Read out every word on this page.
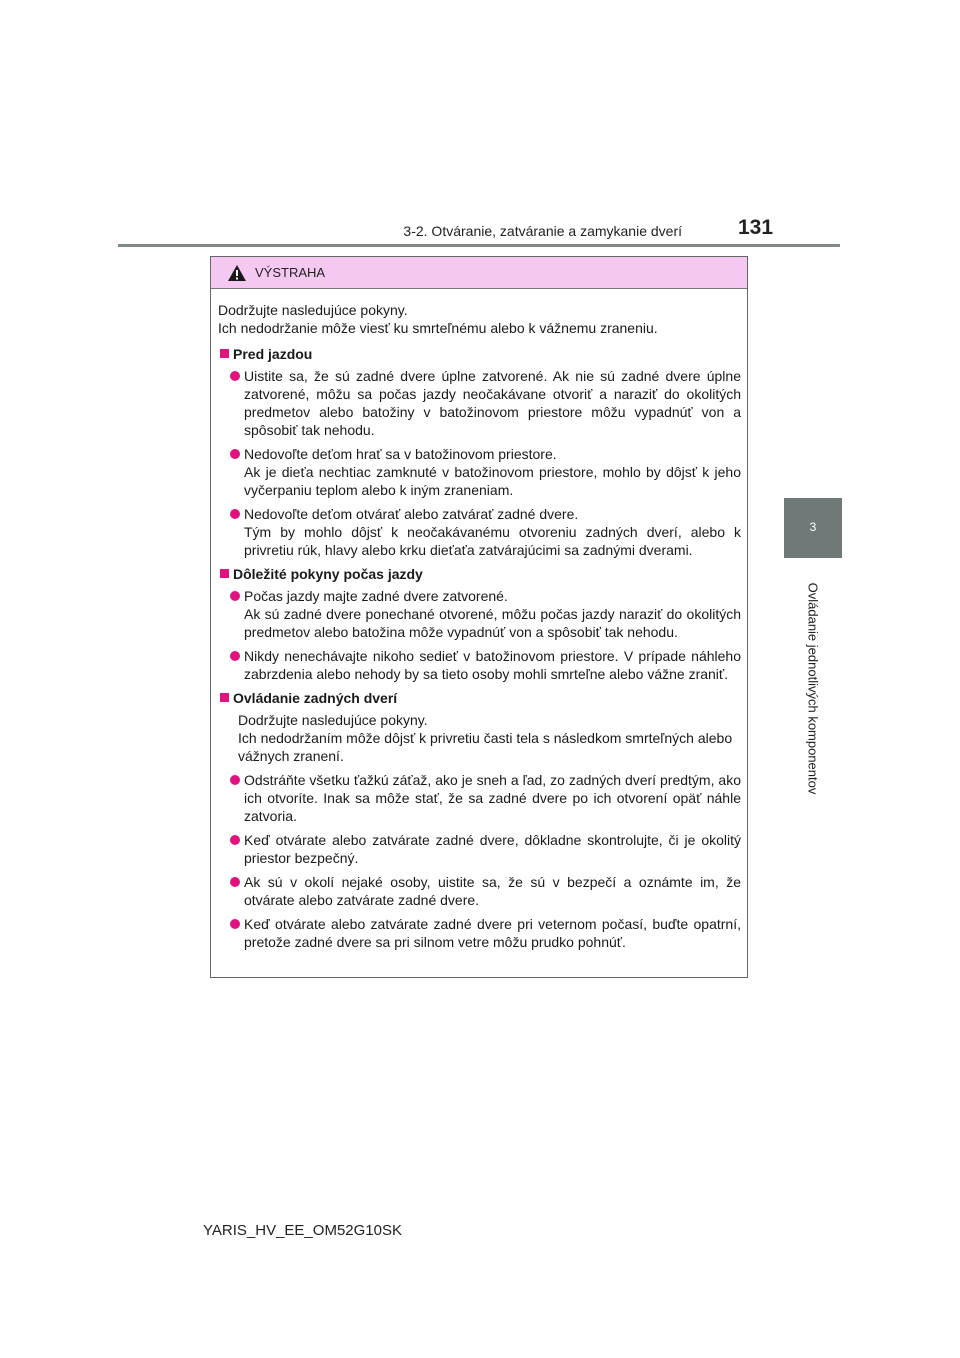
3-2. Otváranie, zatváranie a zamykanie dverí	131
3
Ovládanie jednotlivých komponentov
VÝSTRAHA
Dodržujte nasledujúce pokyny.
Ich nedodržanie môže viesť ku smrteľnému alebo k vážnemu zraneniu.
Pred jazdou
Uistite sa, že sú zadné dvere úplne zatvorené. Ak nie sú zadné dvere úplne zatvorené, môžu sa počas jazdy neočakávane otvoriť a naraziť do okolitých predmetov alebo batožiny v batožinovom priestore môžu vypadnúť von a spôsobiť tak nehodu.
Nedovoľte deťom hrať sa v batožinovom priestore.
Ak je dieťa nechtiac zamknuté v batožinovom priestore, mohlo by dôjsť k jeho vyčerpaniu teplom alebo k iným zraneniam.
Nedovoľte deťom otvárať alebo zatvárať zadné dvere.
Tým by mohlo dôjsť k neočakávanému otvoreniu zadných dverí, alebo k privretiu rúk, hlavy alebo krku dieťaťa zatvárajúcimi sa zadnými dverami.
Dôležité pokyny počas jazdy
Počas jazdy majte zadné dvere zatvorené.
Ak sú zadné dvere ponechané otvorené, môžu počas jazdy naraziť do okolitých predmetov alebo batožina môže vypadnúť von a spôsobiť tak nehodu.
Nikdy nenechávajte nikoho sedieť v batožinovom priestore. V prípade náhleho zabrzdenia alebo nehody by sa tieto osoby mohli smrteľne alebo vážne zraniť.
Ovládanie zadných dverí
Dodržujte nasledujúce pokyny.
Ich nedodržaním môže dôjsť k privretiu časti tela s následkom smrteľných alebo vážnych zranení.
Odstráňte všetku ťažkú záťaž, ako je sneh a ľad, zo zadných dverí predtým, ako ich otvoríte. Inak sa môže stať, že sa zadné dvere po ich otvorení opäť náhle zatvoria.
Keď otvárate alebo zatvárate zadné dvere, dôkladne skontrolujte, či je okolitý priestor bezpečný.
Ak sú v okolí nejaké osoby, uistite sa, že sú v bezpečí a oznámte im, že otvárate alebo zatvárate zadné dvere.
Keď otvárate alebo zatvárate zadné dvere pri veternom počasí, buďte opatrní, pretože zadné dvere sa pri silnom vetre môžu prudko pohnúť.
YARIS_HV_EE_OM52G10SK
